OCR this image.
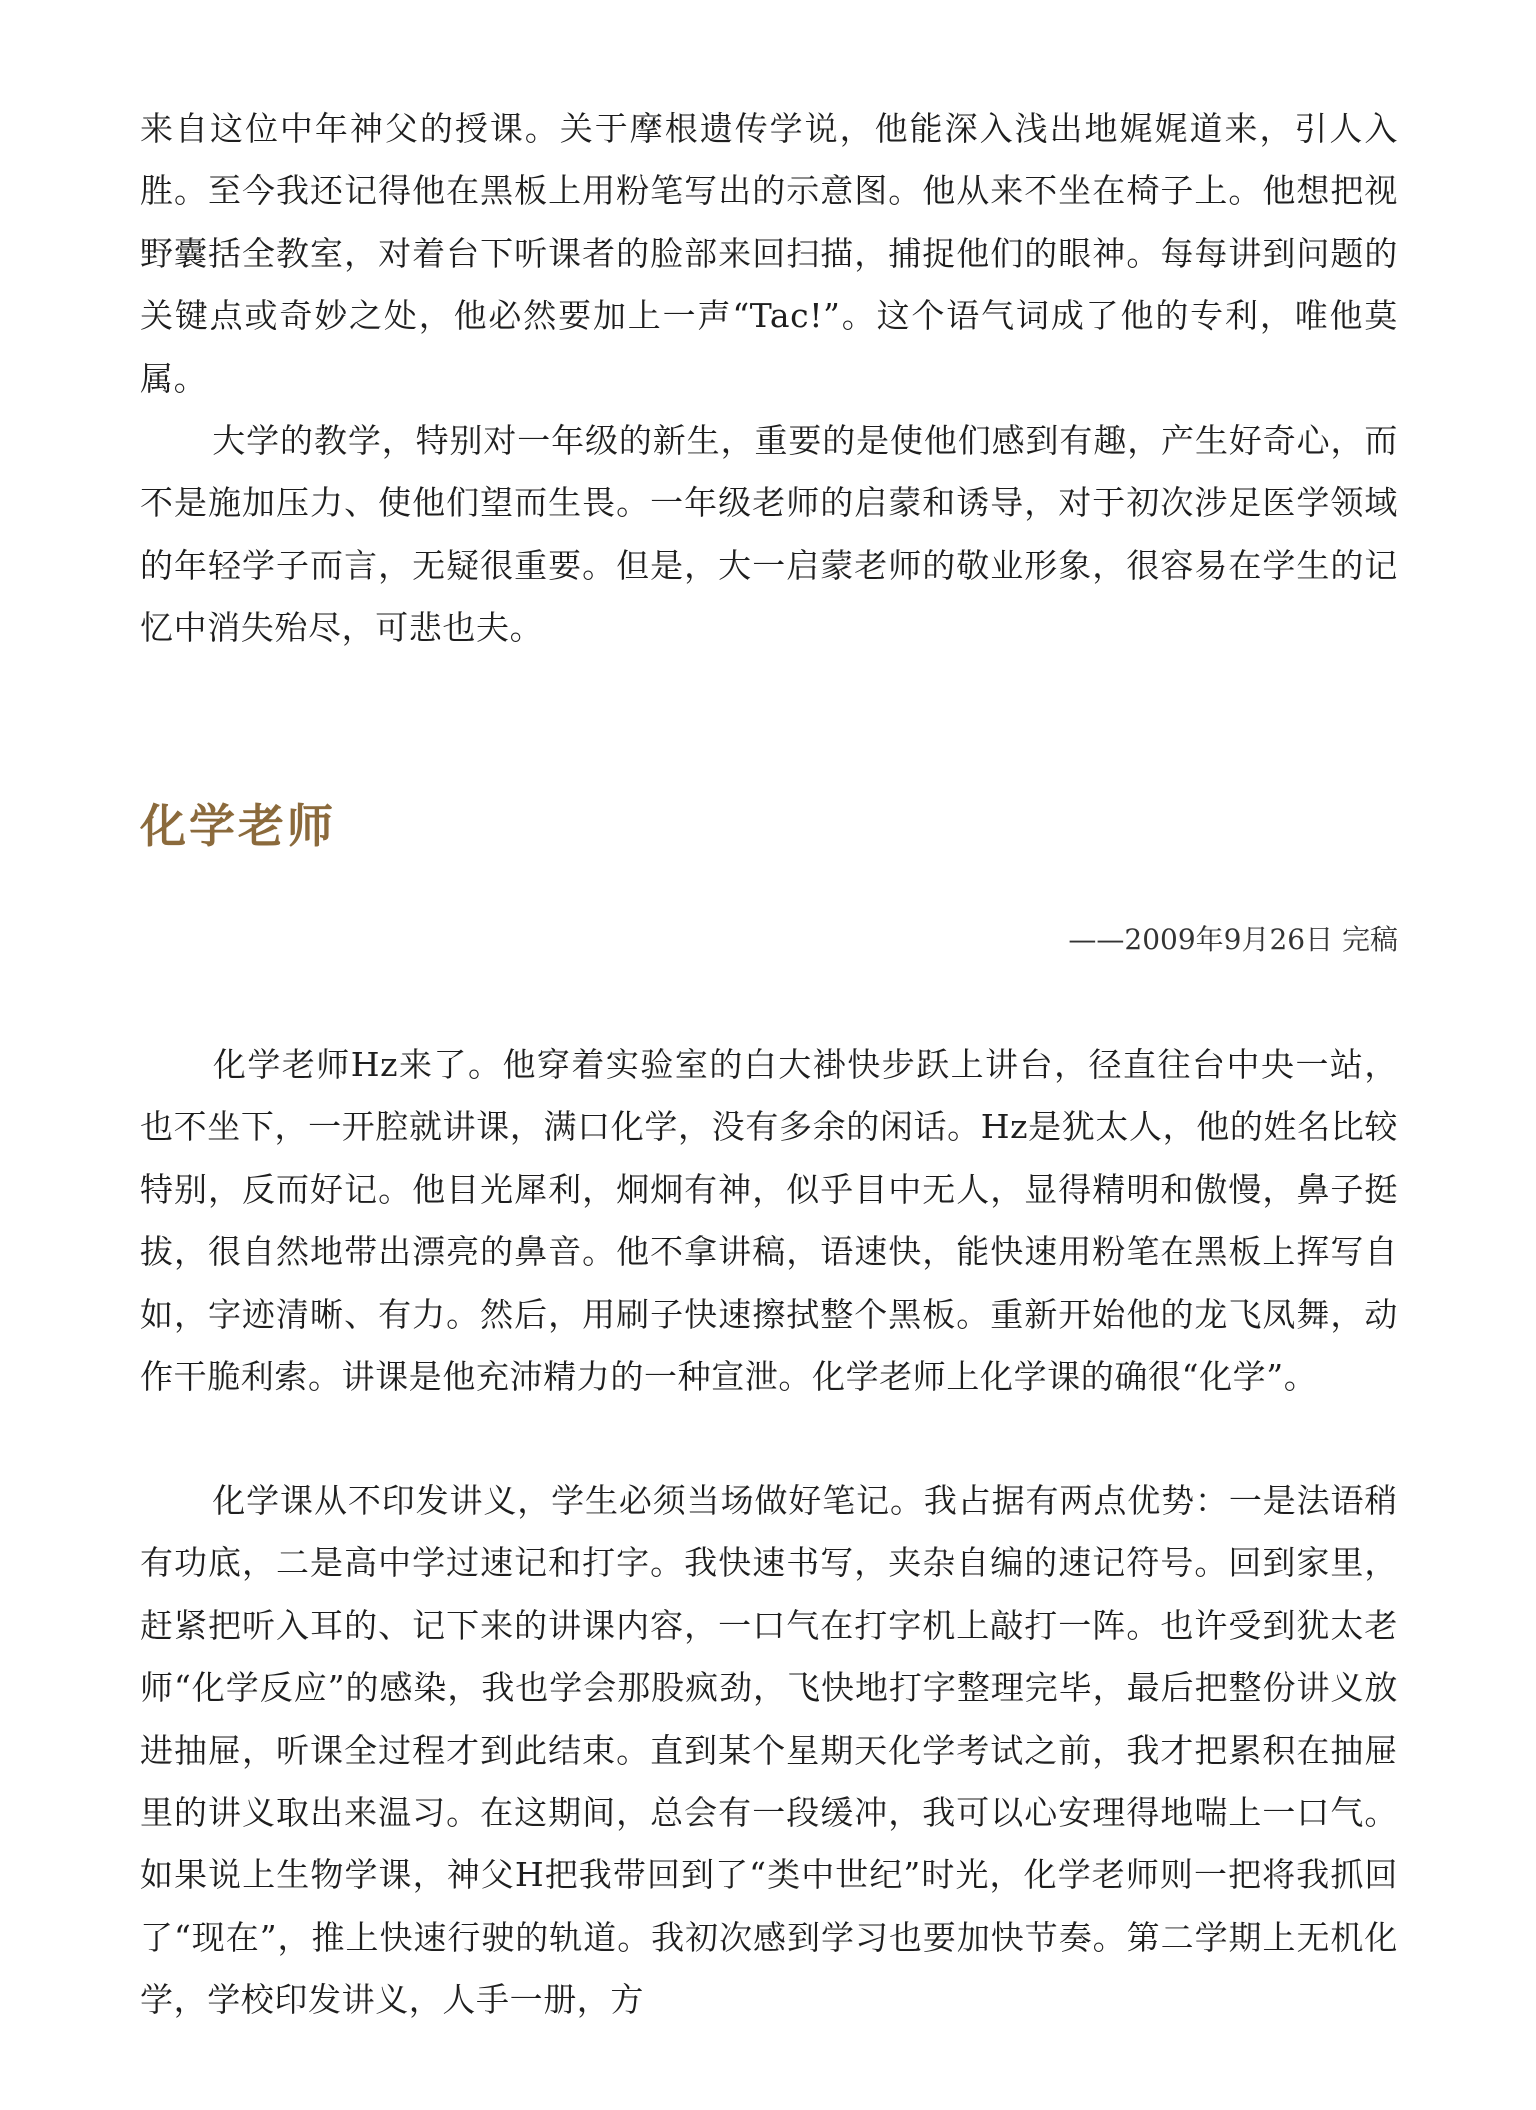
来自这位中年神父的授课。关于摩根遗传学说，他能深入浅出地娓娓道来，引人入胜。至今我还记得他在黑板上用粉笔写出的示意图。他从来不坐在椅子上。他想把视野囊括全教室，对着台下听课者的脸部来回扫描，捕捉他们的眼神。每每讲到问题的关键点或奇妙之处，他必然要加上一声“Tac!”。这个语气词成了他的专利，唯他莫属。

大学的教学，特别对一年级的新生，重要的是使他们感到有趣，产生好奇心，而不是施加压力、使他们望而生畏。一年级老师的启蒙和诱导，对于初次涉足医学领域的年轻学子而言，无疑很重要。但是，大一启蒙老师的敬业形象，很容易在学生的记忆中消失殆尽，可悲也夫。

化学老师
——2009年9月26日 完稿

化学老师Hz来了。他穿着实验室的白大褂快步跃上讲台，径直往台中央一站，也不坐下，一开腔就讲课，满口化学，没有多余的闲话。Hz是犹太人，他的姓名比较特别，反而好记。他目光犀利，炯炯有神，似乎目中无人，显得精明和傲慢，鼻子挺拔，很自然地带出漂亮的鼻音。他不拿讲稿，语速快，能快速用粉笔在黑板上挥写自如，字迹清晰、有力。然后，用刷子快速擦拭整个黑板。重新开始他的龙飞凤舞，动作干脆利索。讲课是他充沛精力的一种宣泄。化学老师上化学课的确很“化学”。

化学课从不印发讲义，学生必须当场做好笔记。我占据有两点优势：一是法语稍有功底，二是高中学过速记和打字。我快速书写，夹杂自编的速记符号。回到家里，赶紧把听入耳的、记下来的讲课内容，一口气在打字机上敲打一阵。也许受到犹太老师“化学反应”的感染，我也学会那股疯劲，飞快地打字整理完毕，最后把整份讲义放进抽屉，听课全过程才到此结束。直到某个星期天化学考试之前，我才把累积在抽屉里的讲义取出来温习。在这期间，总会有一段缓冲，我可以心安理得地喘上一口气。如果说上生物学课，神父H把我带回到了“类中世纪”时光，化学老师则一把将我抓回了“现在”，推上快速行驶的轨道。我初次感到学习也要加快节奏。第二学期上无机化学，学校印发讲义，人手一册，方
